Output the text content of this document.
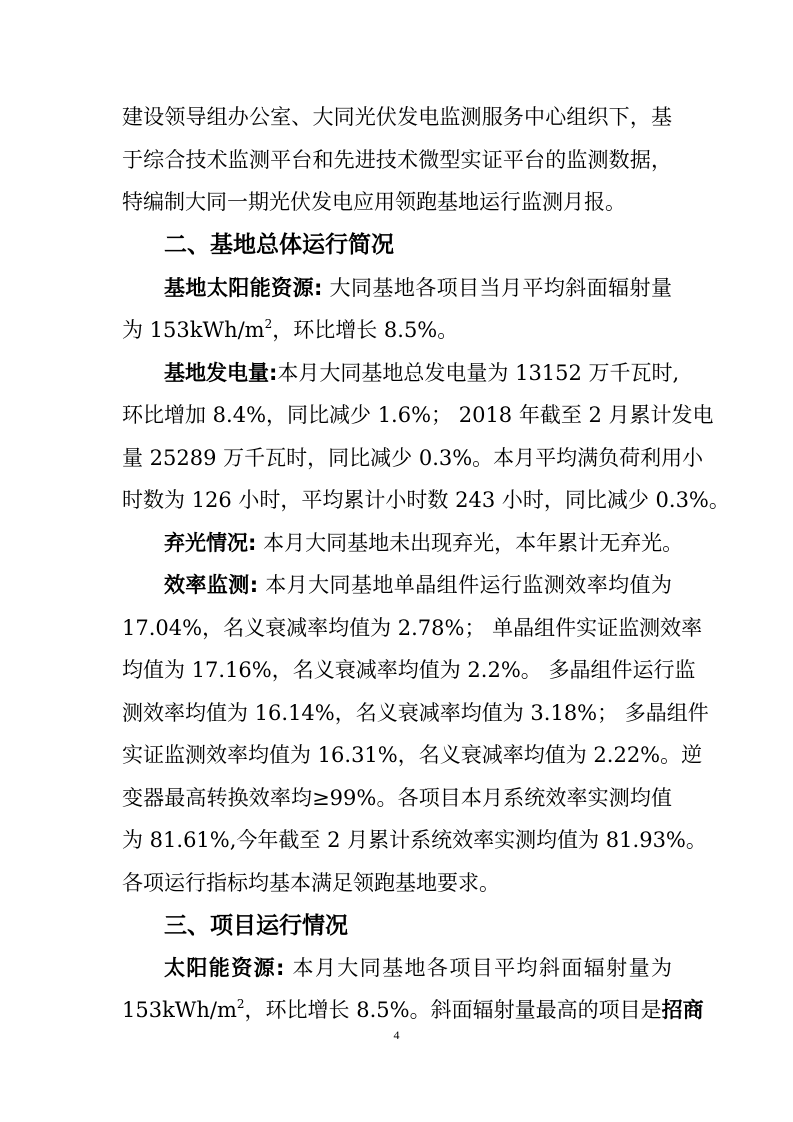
建设领导组办公室、大同光伏发电监测服务中心组织下，基
于综合技术监测平台和先进技术微型实证平台的监测数据，
特编制大同一期光伏发电应用领跑基地运行监测月报。
二、基地总体运行简况
基地太阳能资源: 大同基地各项目当月平均斜面辐射量
为 $153kWh/m^2$，环比增长 8.5%。
基地发电量:本月大同基地总发电量为 13152 万千瓦时,
环比增加 8.4%，同比减少 1.6%； 2018 年截至 2 月累计发电
量 25289 万千瓦时，同比减少 0.3%。本月平均满负荷利用小
时数为 126 小时，平均累计小时数 243 小时，同比减少 0.3%。
弃光情况: 本月大同基地未出现弃光，本年累计无弃光。
效率监测: 本月大同基地单晶组件运行监测效率均值为
17.04%，名义衰减率均值为 2.78%； 单晶组件实证监测效率
均值为 17.16%，名义衰减率均值为 2.2%。 多晶组件运行监
测效率均值为 16.14%，名义衰减率均值为 3.18%； 多晶组件
实证监测效率均值为 16.31%，名义衰减率均值为 2.22%。逆
变器最高转换效率均≥99%。各项目本月系统效率实测均值
为 81.61%,今年截至 2 月累计系统效率实测均值为 81.93%。
各项运行指标均基本满足领跑基地要求。
三、项目运行情况
太阳能资源: 本月大同基地各项目平均斜面辐射量为
$153kWh/m^2$，环比增长 8.5%。斜面辐射量最高的项目是招商
4
